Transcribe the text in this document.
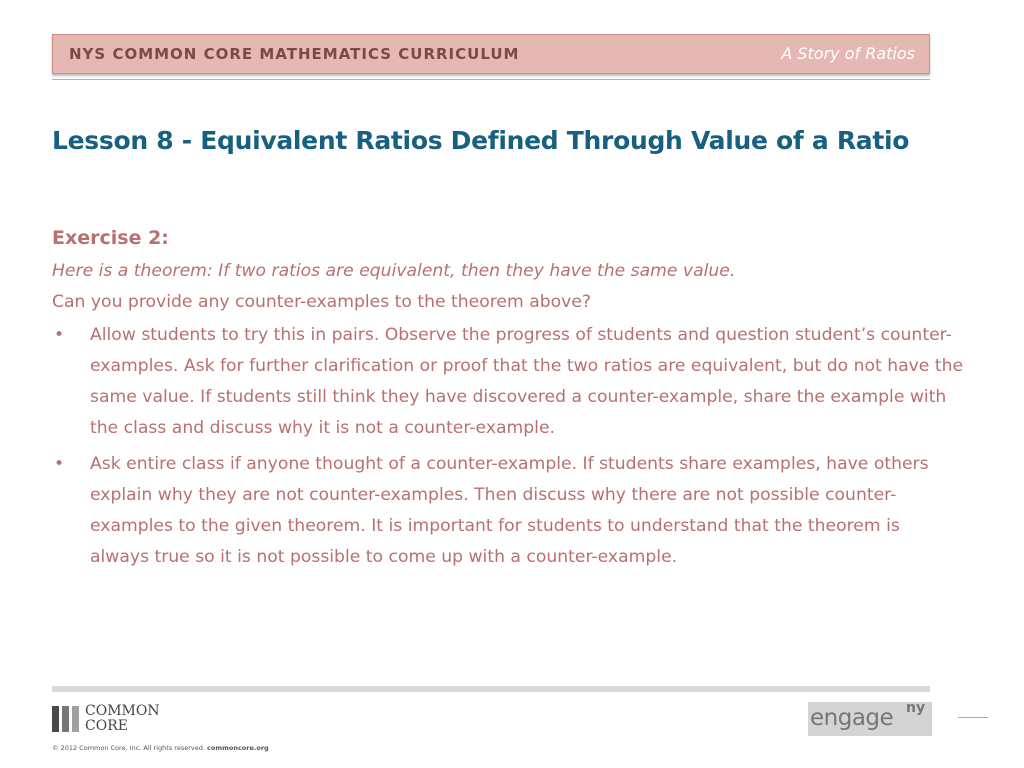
NYS COMMON CORE MATHEMATICS CURRICULUM	A Story of Ratios
Lesson 8 - Equivalent Ratios Defined Through Value of a Ratio

Exercise 2:

Here is a theorem: If two ratios are equivalent, then they have the same value.

Can you provide any counter-examples to the theorem above?

• Allow students to try this in pairs. Observe the progress of students and question student’s counter-examples. Ask for further clarification or proof that the two ratios are equivalent, but do not have the same value. If students still think they have discovered a counter-example, share the example with the class and discuss why it is not a counter-example.
• Ask entire class if anyone thought of a counter-example. If students share examples, have others explain why they are not counter-examples. Then discuss why there are not possible counter-examples to the given theorem. It is important for students to understand that the theorem is always true so it is not possible to come up with a counter-example.
COMMON
CORE
© 2012 Common Core, Inc. All rights reserved. commoncore.org
engage ny
